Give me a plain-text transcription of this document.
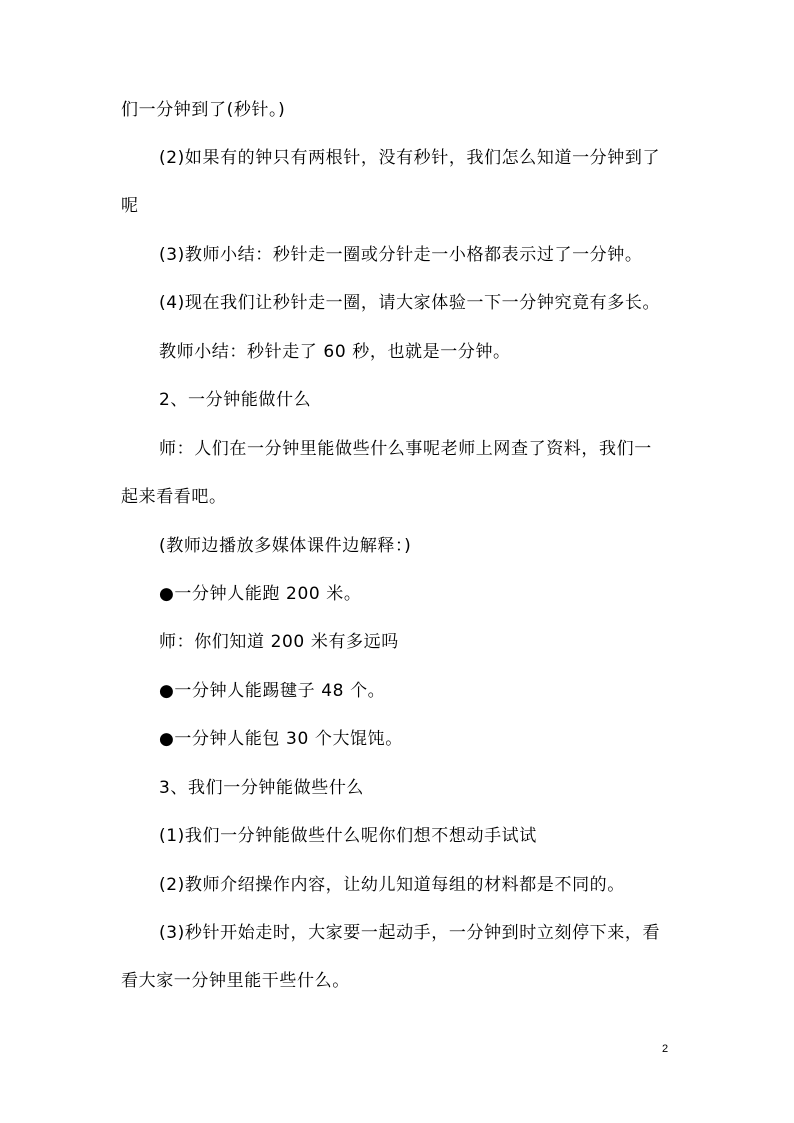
们一分钟到了(秒针。)
(2)如果有的钟只有两根针，没有秒针，我们怎么知道一分钟到了
呢
(3)教师小结：秒针走一圈或分针走一小格都表示过了一分钟。
(4)现在我们让秒针走一圈，请大家体验一下一分钟究竟有多长。
教师小结：秒针走了 60 秒，也就是一分钟。
2、一分钟能做什么
师：人们在一分钟里能做些什么事呢老师上网查了资料，我们一
起来看看吧。
(教师边播放多媒体课件边解释：)
●一分钟人能跑 200 米。
师：你们知道 200 米有多远吗
●一分钟人能踢毽子 48 个。
●一分钟人能包 30 个大馄饨。
3、我们一分钟能做些什么
(1)我们一分钟能做些什么呢你们想不想动手试试
(2)教师介绍操作内容，让幼儿知道每组的材料都是不同的。
(3)秒针开始走时，大家要一起动手，一分钟到时立刻停下来，看
看大家一分钟里能干些什么。
2
